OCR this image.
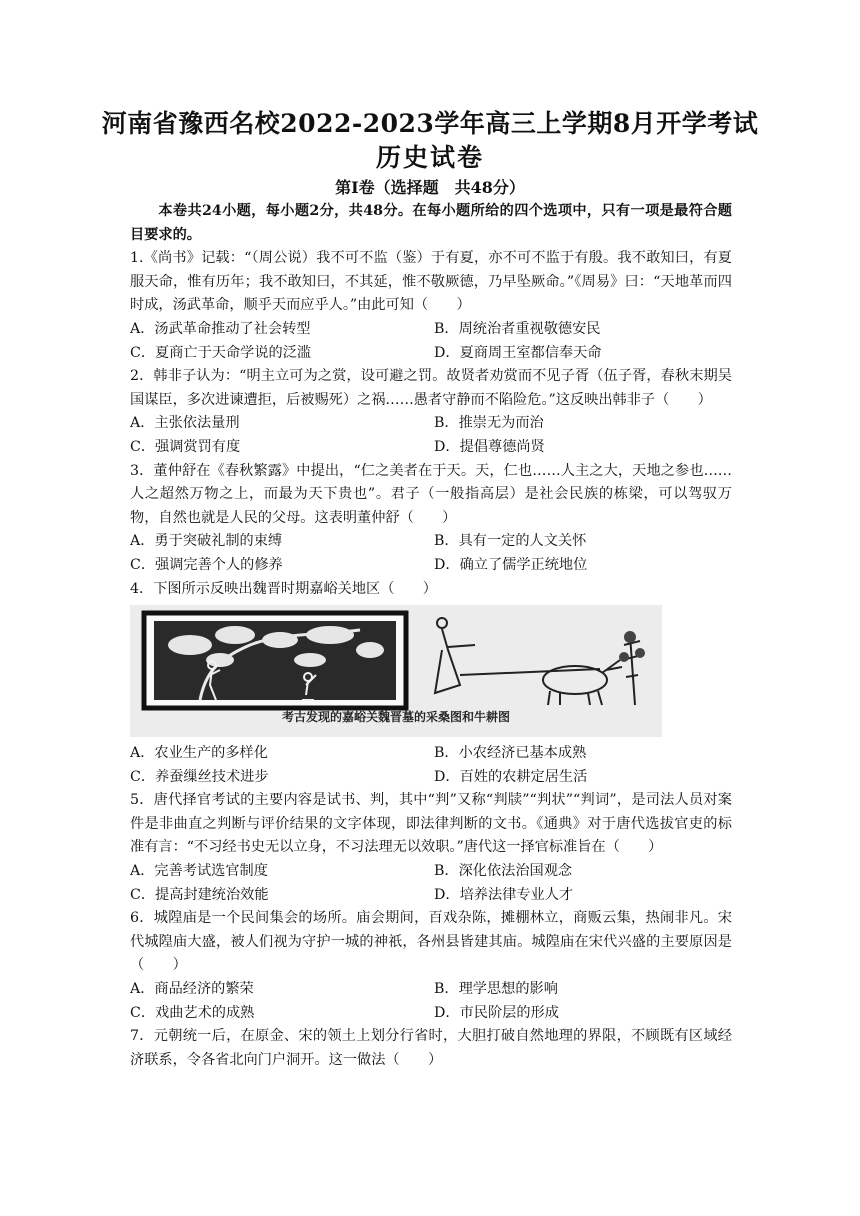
河南省豫西名校2022-2023学年高三上学期8月开学考试
历史试卷
第Ⅰ卷（选择题　共48分）

本卷共24小题，每小题2分，共48分。在每小题所给的四个选项中，只有一项是最符合题目要求的。

1.《尚书》记载：“（周公说）我不可不监（鉴）于有夏，亦不可不监于有殷。我不敢知曰，有夏服天命，惟有历年；我不敢知曰，不其延，惟不敬厥德，乃早坠厥命。”《周易》曰：“天地革而四时成，汤武革命，顺乎天而应乎人。”由此可知（　　）

A．汤武革命推动了社会转型	B．周统治者重视敬德安民
C．夏商亡于天命学说的泛滥	D．夏商周王室都信奉天命

2．韩非子认为：“明主立可为之赏，设可避之罚。故贤者劝赏而不见子胥（伍子胥，春秋末期吴国谋臣，多次进谏遭拒，后被赐死）之祸……愚者守静而不陷险危。”这反映出韩非子（　　）

A．主张依法量刑	B．推崇无为而治
C．强调赏罚有度	D．提倡尊德尚贤

3．董仲舒在《春秋繁露》中提出，“仁之美者在于天。天，仁也……人主之大，天地之参也……人之超然万物之上，而最为天下贵也”。君子（一般指高层）是社会民族的栋梁，可以驾驭万物，自然也就是人民的父母。这表明董仲舒（　　）

A．勇于突破礼制的束缚	B．具有一定的人文关怀
C．强调完善个人的修养	D．确立了儒学正统地位

4．下图所示反映出魏晋时期嘉峪关地区（　　）

考古发现的嘉峪关魏晋墓的采桑图和牛耕图
A．农业生产的多样化	B．小农经济已基本成熟
C．养蚕缫丝技术进步	D．百姓的农耕定居生活

5．唐代择官考试的主要内容是试书、判，其中“判”又称“判牍”“判状”“判词”，是司法人员对案件是非曲直之判断与评价结果的文字体现，即法律判断的文书。《通典》对于唐代选拔官吏的标准有言：“不习经书史无以立身，不习法理无以效职。”唐代这一择官标准旨在（　　）

A．完善考试选官制度	B．深化依法治国观念
C．提高封建统治效能	D．培养法律专业人才

6．城隍庙是一个民间集会的场所。庙会期间，百戏杂陈，摊棚林立，商贩云集，热闹非凡。宋代城隍庙大盛，被人们视为守护一城的神祇，各州县皆建其庙。城隍庙在宋代兴盛的主要原因是（　　）

A．商品经济的繁荣	B．理学思想的影响
C．戏曲艺术的成熟	D．市民阶层的形成

7．元朝统一后，在原金、宋的领土上划分行省时，大胆打破自然地理的界限，不顾既有区域经济联系，令各省北向门户洞开。这一做法（　　）
